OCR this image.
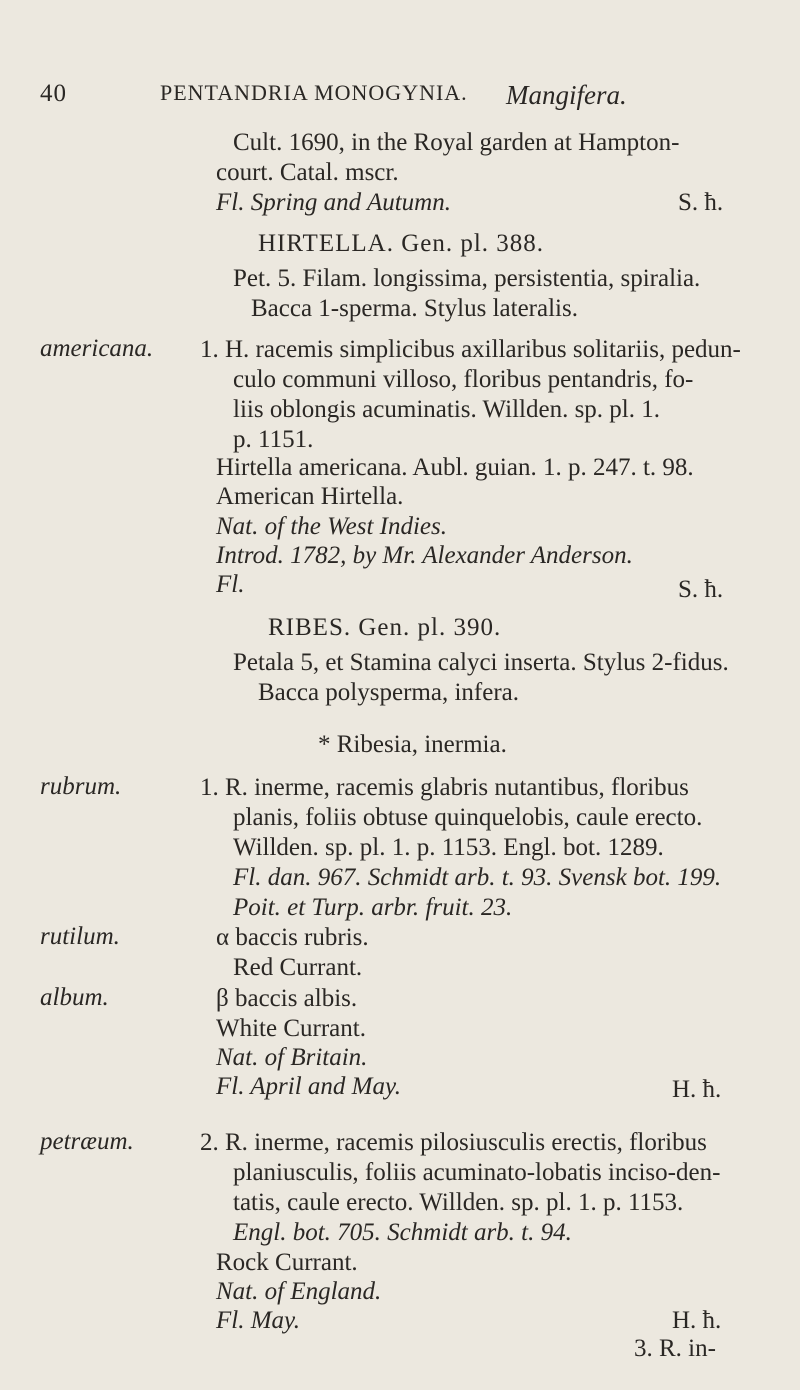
40	PENTANDRIA MONOGYNIA. Mangifera.
Cult. 1690, in the Royal garden at Hampton-
court. Catal. mscr.
Fl. Spring and Autumn.	S. ħ.
HIRTELLA. Gen. pl. 388.
Pet. 5. Filam. longissima, persistentia, spiralia.
Bacca 1-sperma. Stylus lateralis.
americana. 1. H. racemis simplicibus axillaribus solitariis, pedun-
culo communi villoso, floribus pentandris, fo-
liis oblongis acuminatis. Willden. sp. pl. 1.
p. 1151.
Hirtella americana. Aubl. guian. 1. p. 247. t. 98.
American Hirtella.
Nat. of the West Indies.
Introd. 1782, by Mr. Alexander Anderson.
Fl.	S. ħ.
RIBES. Gen. pl. 390.
Petala 5, et Stamina calyci inserta. Stylus 2-fidus.
Bacca polysperma, infera.
* Ribesia, inermia.
rubrum.	1. R. inerme, racemis glabris nutantibus, floribus
planis, foliis obtuse quinquelobis, caule erecto.
Willden. sp. pl. 1. p. 1153. Engl. bot. 1289.
Fl. dan. 967. Schmidt arb. t. 93. Svensk bot. 199.
Poit. et Turp. arbr. fruit. 23.
rutilum.	α baccis rubris.
Red Currant.
album.	β baccis albis.
White Currant.
Nat. of Britain.
Fl. April and May.	H. ħ.
petræum.	2. R. inerme, racemis pilosiusculis erectis, floribus
planiusculis, foliis acuminato-lobatis inciso-den-
tatis, caule erecto. Willden. sp. pl. 1. p. 1153.
Engl. bot. 705. Schmidt arb. t. 94.
Rock Currant.
Nat. of England.
Fl. May.	H. ħ.
3. R. in-
